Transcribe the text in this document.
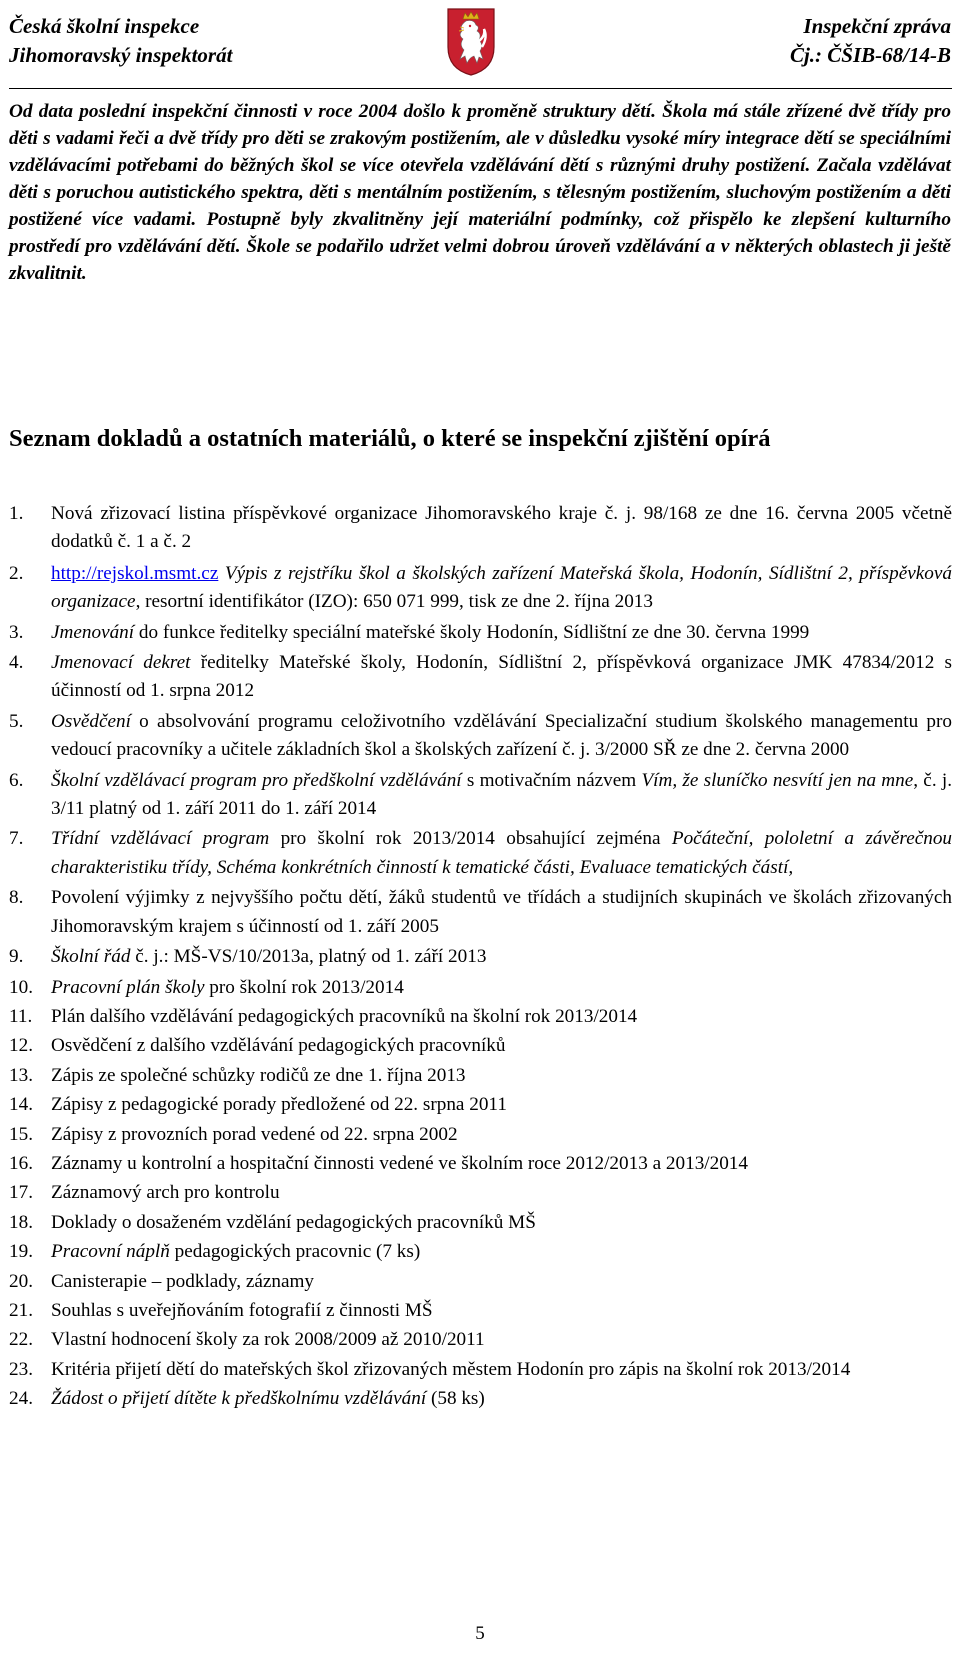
Česká školní inspekce
Jihomoravský inspektorát
Inspekční zpráva
Čj.: ČŠIB-68/14-B
Od data poslední inspekční činnosti v roce 2004 došlo k proměně struktury dětí. Škola má stále zřízené dvě třídy pro děti s vadami řeči a dvě třídy pro děti se zrakovým postižením, ale v důsledku vysoké míry integrace dětí se speciálními vzdělávacími potřebami do běžných škol se více otevřela vzdělávání dětí s různými druhy postižení. Začala vzdělávat děti s poruchou autistického spektra, děti s mentálním postižením, s tělesným postižením, sluchovým postižením a děti postižené více vadami. Postupně byly zkvalitněny její materiální podmínky, což přispělo ke zlepšení kulturního prostředí pro vzdělávání dětí. Škole se podařilo udržet velmi dobrou úroveň vzdělávání a v některých oblastech ji ještě zkvalitnit.
Seznam dokladů a ostatních materiálů, o které se inspekční zjištění opírá
1. Nová zřizovací listina příspěvkové organizace Jihomoravského kraje č. j. 98/168 ze dne 16. června 2005 včetně dodatků č. 1 a č. 2
2. http://rejskol.msmt.cz Výpis z rejstříku škol a školských zařízení Mateřská škola, Hodonín, Sídlištní 2, příspěvková organizace, resortní identifikátor (IZO): 650 071 999, tisk ze dne 2. října 2013
3. Jmenování do funkce ředitelky speciální mateřské školy Hodonín, Sídlištní ze dne 30. června 1999
4. Jmenovací dekret ředitelky Mateřské školy, Hodonín, Sídlištní 2, příspěvková organizace JMK 47834/2012 s účinností od 1. srpna 2012
5. Osvědčení o absolvování programu celoživotního vzdělávání Specializační studium školského managementu pro vedoucí pracovníky a učitele základních škol a školských zařízení č. j. 3/2000 SŘ ze dne 2. června 2000
6. Školní vzdělávací program pro předškolní vzdělávání s motivačním názvem Vím, že sluníčko nesvítí jen na mne, č. j. 3/11 platný od 1. září 2011 do 1. září 2014
7. Třídní vzdělávací program pro školní rok 2013/2014 obsahující zejména Počáteční, pololetní a závěrečnou charakteristiku třídy, Schéma konkrétních činností k tematické části, Evaluace tematických částí,
8. Povolení výjimky z nejvyššího počtu dětí, žáků studentů ve třídách a studijních skupinách ve školách zřizovaných Jihomoravským krajem s účinností od 1. září 2005
9. Školní řád č. j.: MŠ-VS/10/2013a, platný od 1. září 2013
10. Pracovní plán školy pro školní rok 2013/2014
11. Plán dalšího vzdělávání pedagogických pracovníků na školní rok 2013/2014
12. Osvědčení z dalšího vzdělávání pedagogických pracovníků
13. Zápis ze společné schůzky rodičů ze dne 1. října 2013
14. Zápisy z pedagogické porady předložené od 22. srpna 2011
15. Zápisy z provozních porad vedené od 22. srpna 2002
16. Záznamy u kontrolní a hospitační činnosti vedené ve školním roce 2012/2013 a 2013/2014
17. Záznamový arch pro kontrolu
18. Doklady o dosaženém vzdělání pedagogických pracovníků MŠ
19. Pracovní náplň pedagogických pracovnic (7 ks)
20. Canisterapie – podklady, záznamy
21. Souhlas s uveřejňováním fotografií z činnosti MŠ
22. Vlastní hodnocení školy za rok 2008/2009 až 2010/2011
23. Kritéria přijetí dětí do mateřských škol zřizovaných městem Hodonín pro zápis na školní rok 2013/2014
24. Žádost o přijetí dítěte k předškolnímu vzdělávání (58 ks)
5
